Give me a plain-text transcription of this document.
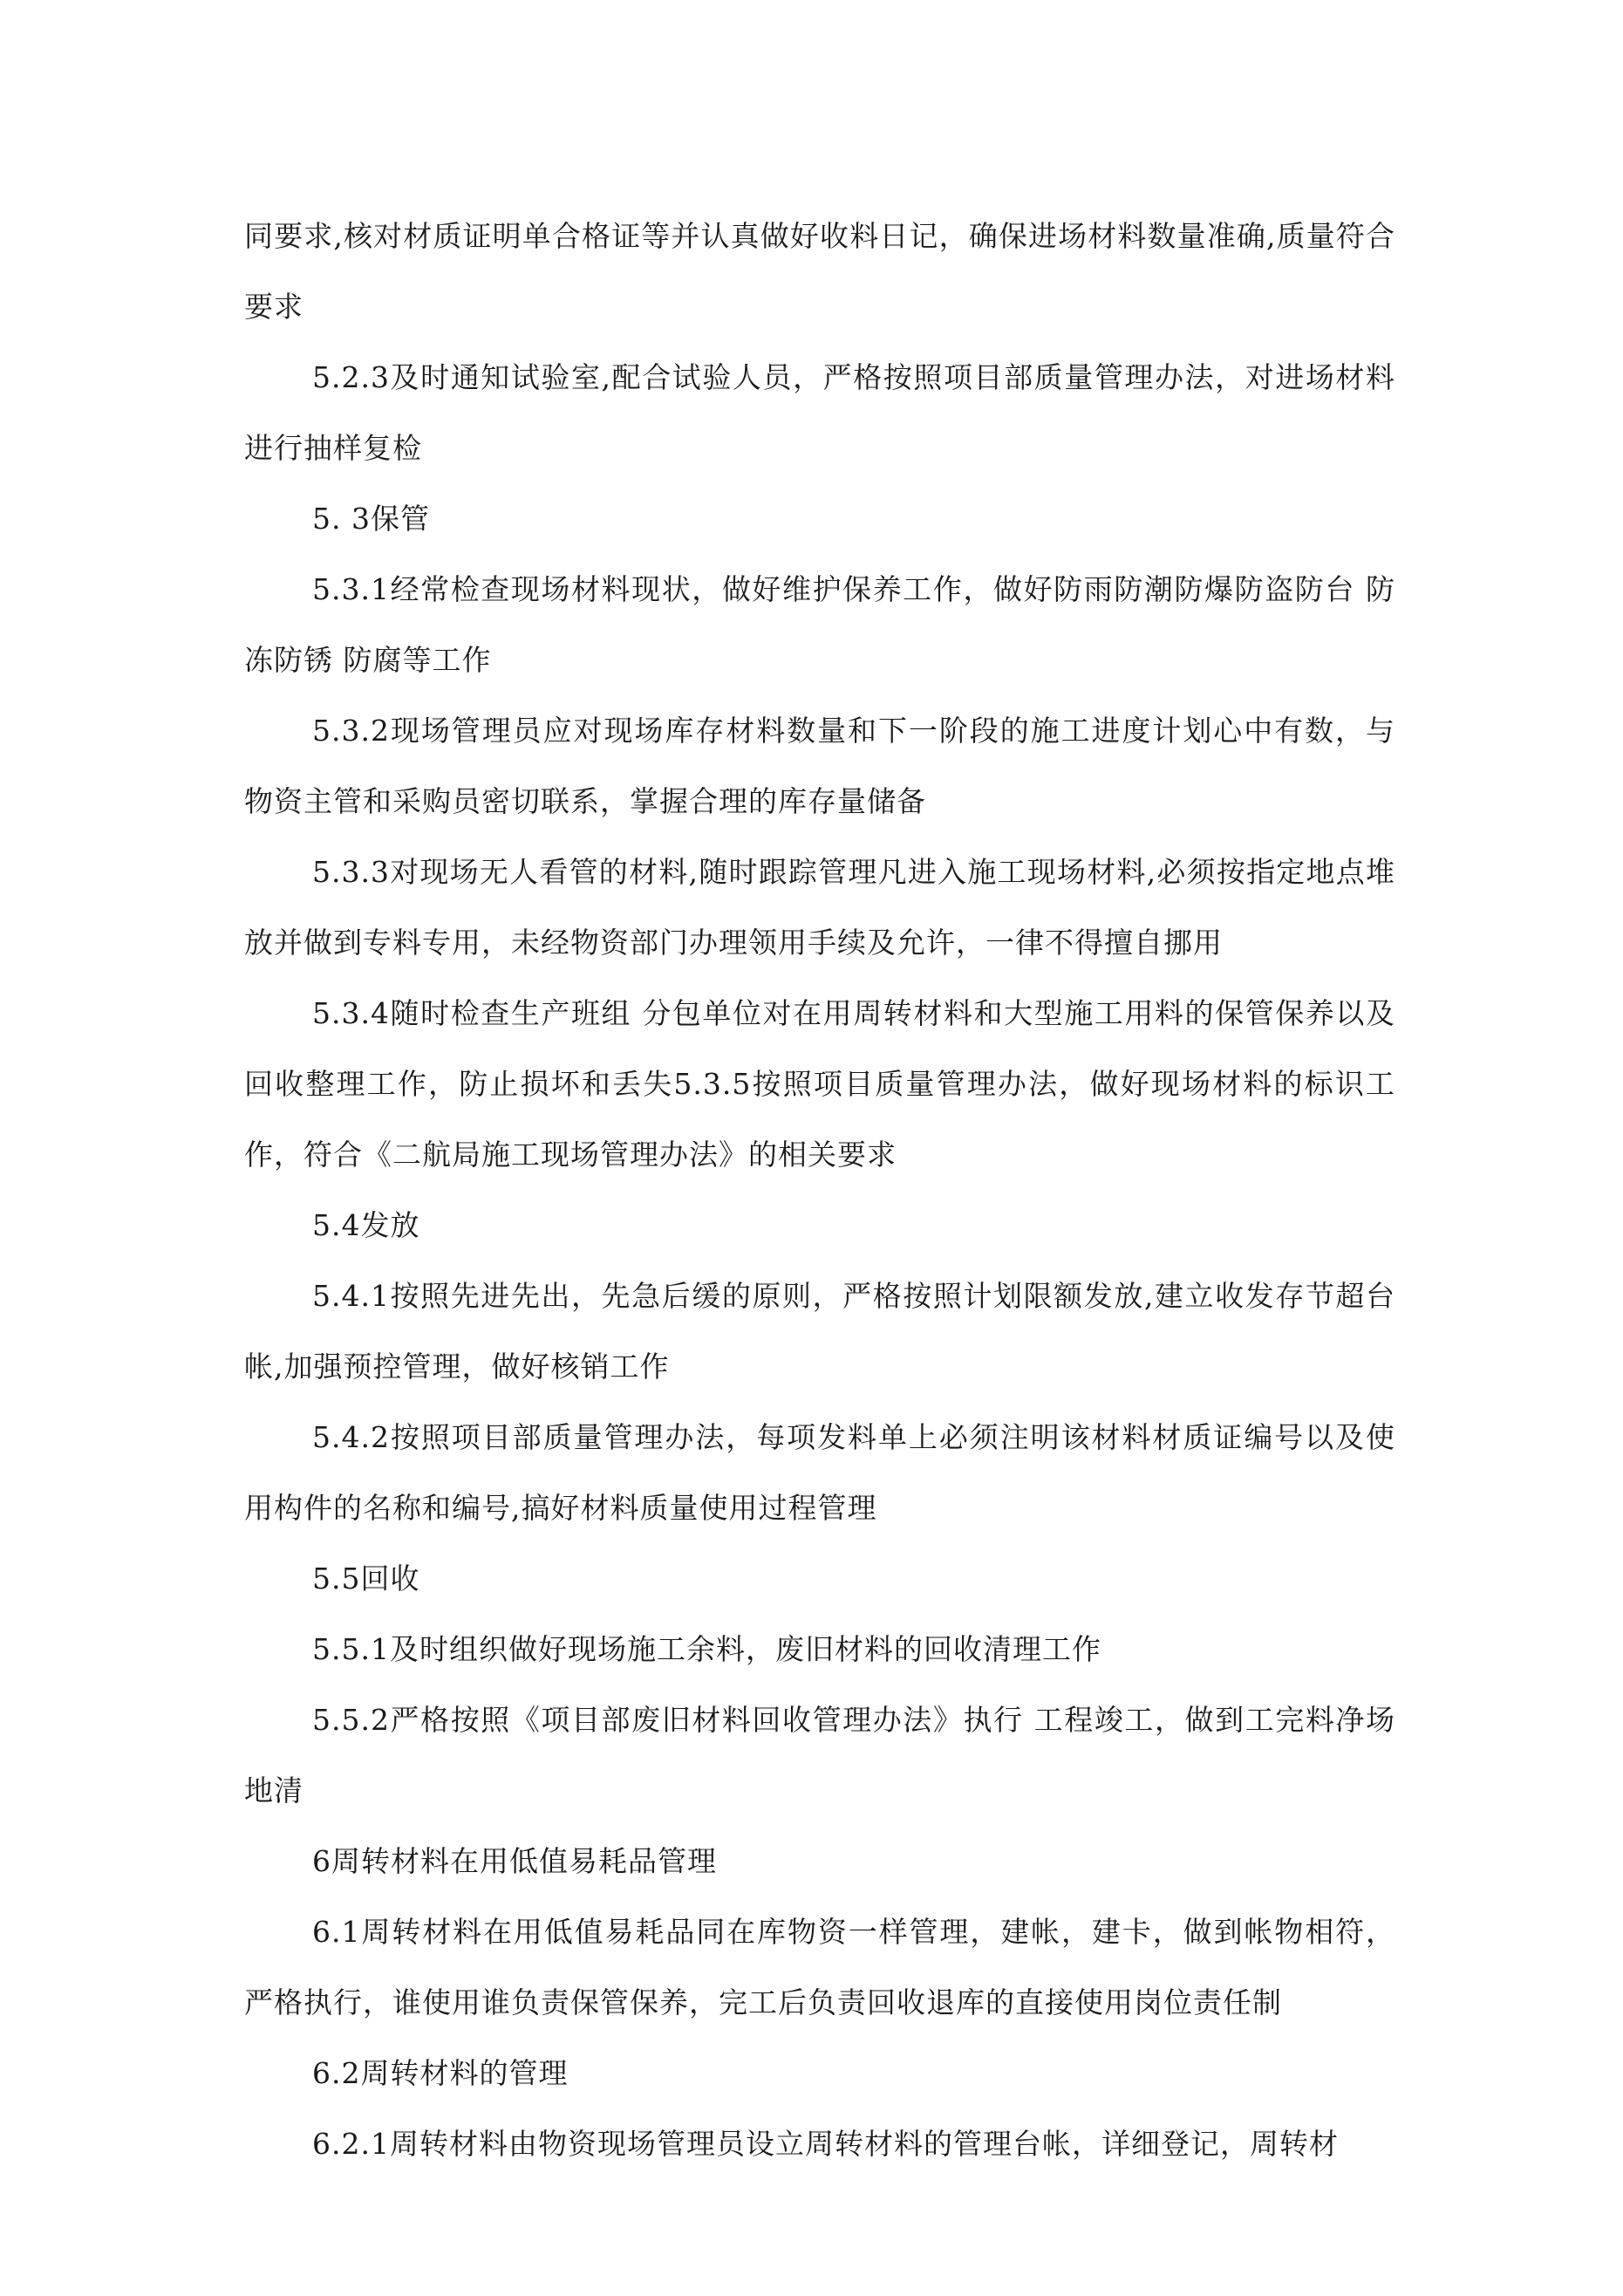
同要求,核对材质证明单合格证等并认真做好收料日记，确保进场材料数量准确,质量符合要求

5.2.3及时通知试验室,配合试验人员，严格按照项目部质量管理办法，对进场材料进行抽样复检

5. 3保管

5.3.1经常检查现场材料现状，做好维护保养工作，做好防雨防潮防爆防盗防台 防冻防锈 防腐等工作

5.3.2现场管理员应对现场库存材料数量和下一阶段的施工进度计划心中有数，与物资主管和采购员密切联系，掌握合理的库存量储备

5.3.3对现场无人看管的材料,随时跟踪管理凡进入施工现场材料,必须按指定地点堆放并做到专料专用，未经物资部门办理领用手续及允许，一律不得擅自挪用

5.3.4随时检查生产班组 分包单位对在用周转材料和大型施工用料的保管保养以及回收整理工作，防止损坏和丢失5.3.5按照项目质量管理办法，做好现场材料的标识工作，符合《二航局施工现场管理办法》的相关要求

5.4发放

5.4.1按照先进先出，先急后缓的原则，严格按照计划限额发放,建立收发存节超台帐,加强预控管理，做好核销工作

5.4.2按照项目部质量管理办法，每项发料单上必须注明该材料材质证编号以及使用构件的名称和编号,搞好材料质量使用过程管理

5.5回收

5.5.1及时组织做好现场施工余料，废旧材料的回收清理工作

5.5.2严格按照《项目部废旧材料回收管理办法》执行 工程竣工，做到工完料净场地清

6周转材料在用低值易耗品管理

6.1周转材料在用低值易耗品同在库物资一样管理，建帐，建卡，做到帐物相符，严格执行，谁使用谁负责保管保养，完工后负责回收退库的直接使用岗位责任制

6.2周转材料的管理

6.2.1周转材料由物资现场管理员设立周转材料的管理台帐，详细登记，周转材
